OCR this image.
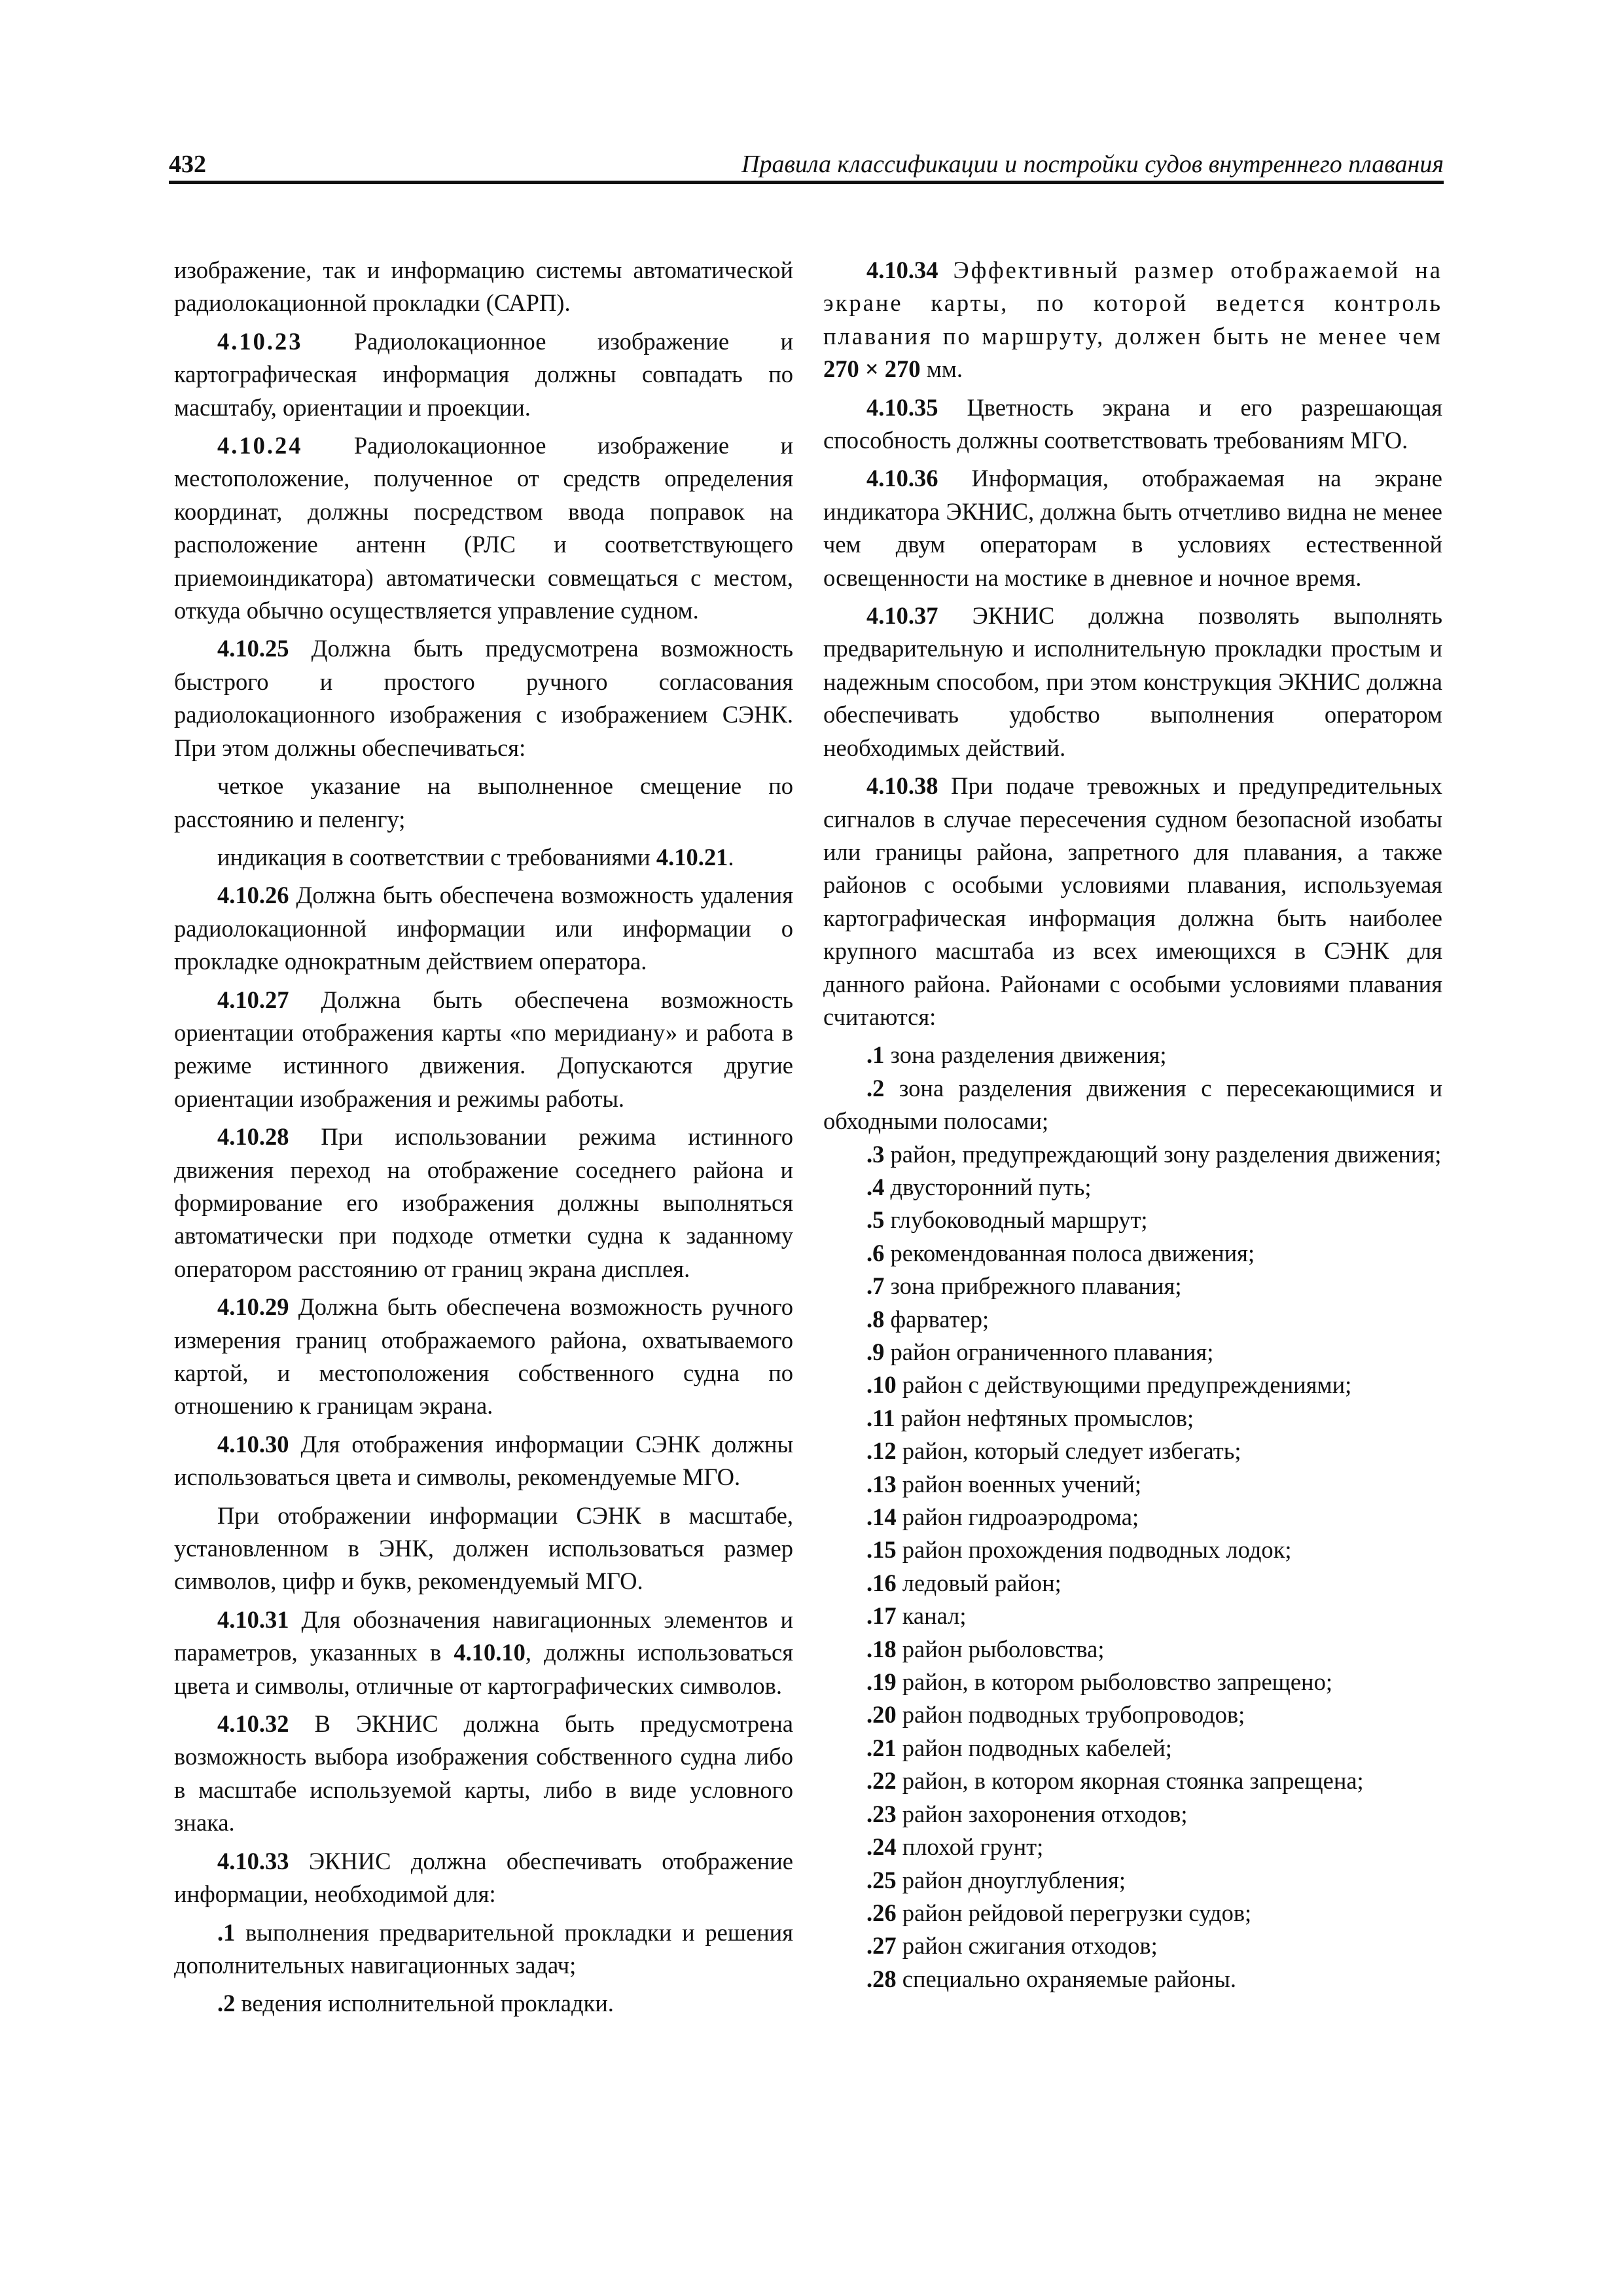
432	Правила классификации и постройки судов внутреннего плавания

изображение, так и информацию системы автоматической радиолокационной прокладки (САРП).

4.10.23 Радиолокационное изображение и картографическая информация должны совпадать по масштабу, ориентации и проекции.

4.10.24 Радиолокационное изображение и местоположение, полученное от средств определения координат, должны посредством ввода поправок на расположение антенн (РЛС и соответствующего приемоиндикатора) автоматически совмещаться с местом, откуда обычно осуществляется управление судном.

4.10.25 Должна быть предусмотрена возможность быстрого и простого ручного согласования радиолокационного изображения с изображением СЭНК. При этом должны обеспечиваться:

четкое указание на выполненное смещение по расстоянию и пеленгу;

индикация в соответствии с требованиями 4.10.21.

4.10.26 Должна быть обеспечена возможность удаления радиолокационной информации или информации о прокладке однократным действием оператора.

4.10.27 Должна быть обеспечена возможность ориентации отображения карты «по меридиану» и работа в режиме истинного движения. Допускаются другие ориентации изображения и режимы работы.

4.10.28 При использовании режима истинного движения переход на отображение соседнего района и формирование его изображения должны выполняться автоматически при подходе отметки судна к заданному оператором расстоянию от границ экрана дисплея.

4.10.29 Должна быть обеспечена возможность ручного измерения границ отображаемого района, охватываемого картой, и местоположения собственного судна по отношению к границам экрана.

4.10.30 Для отображения информации СЭНК должны использоваться цвета и символы, рекомендуемые МГО.

При отображении информации СЭНК в масштабе, установленном в ЭНК, должен использоваться размер символов, цифр и букв, рекомендуемый МГО.

4.10.31 Для обозначения навигационных элементов и параметров, указанных в 4.10.10, должны использоваться цвета и символы, отличные от картографических символов.

4.10.32 В ЭКНИС должна быть предусмотрена возможность выбора изображения собственного судна либо в масштабе используемой карты, либо в виде условного знака.

4.10.33 ЭКНИС должна обеспечивать отображение информации, необходимой для:

.1 выполнения предварительной прокладки и решения дополнительных навигационных задач;

.2 ведения исполнительной прокладки.

4.10.34 Эффективный размер отображаемой на экране карты, по которой ведется контроль плавания по маршруту, должен быть не менее чем 270 × 270 мм.

4.10.35 Цветность экрана и его разрешающая способность должны соответствовать требованиям МГО.

4.10.36 Информация, отображаемая на экране индикатора ЭКНИС, должна быть отчетливо видна не менее чем двум операторам в условиях естественной освещенности на мостике в дневное и ночное время.

4.10.37 ЭКНИС должна позволять выполнять предварительную и исполнительную прокладки простым и надежным способом, при этом конструкция ЭКНИС должна обеспечивать удобство выполнения оператором необходимых действий.

4.10.38 При подаче тревожных и предупредительных сигналов в случае пересечения судном безопасной изобаты или границы района, запретного для плавания, а также районов с особыми условиями плавания, используемая картографическая информация должна быть наиболее крупного масштаба из всех имеющихся в СЭНК для данного района. Районами с особыми условиями плавания считаются:

.1 зона разделения движения;

.2 зона разделения движения с пересекающимися и обходными полосами;

.3 район, предупреждающий зону разделения движения;

.4 двусторонний путь;

.5 глубоководный маршрут;

.6 рекомендованная полоса движения;

.7 зона прибрежного плавания;

.8 фарватер;

.9 район ограниченного плавания;

.10 район с действующими предупреждениями;

.11 район нефтяных промыслов;

.12 район, который следует избегать;

.13 район военных учений;

.14 район гидроаэродрома;

.15 район прохождения подводных лодок;

.16 ледовый район;

.17 канал;

.18 район рыболовства;

.19 район, в котором рыболовство запрещено;

.20 район подводных трубопроводов;

.21 район подводных кабелей;

.22 район, в котором якорная стоянка запрещена;

.23 район захоронения отходов;

.24 плохой грунт;

.25 район дноуглубления;

.26 район рейдовой перегрузки судов;

.27 район сжигания отходов;

.28 специально охраняемые районы.
